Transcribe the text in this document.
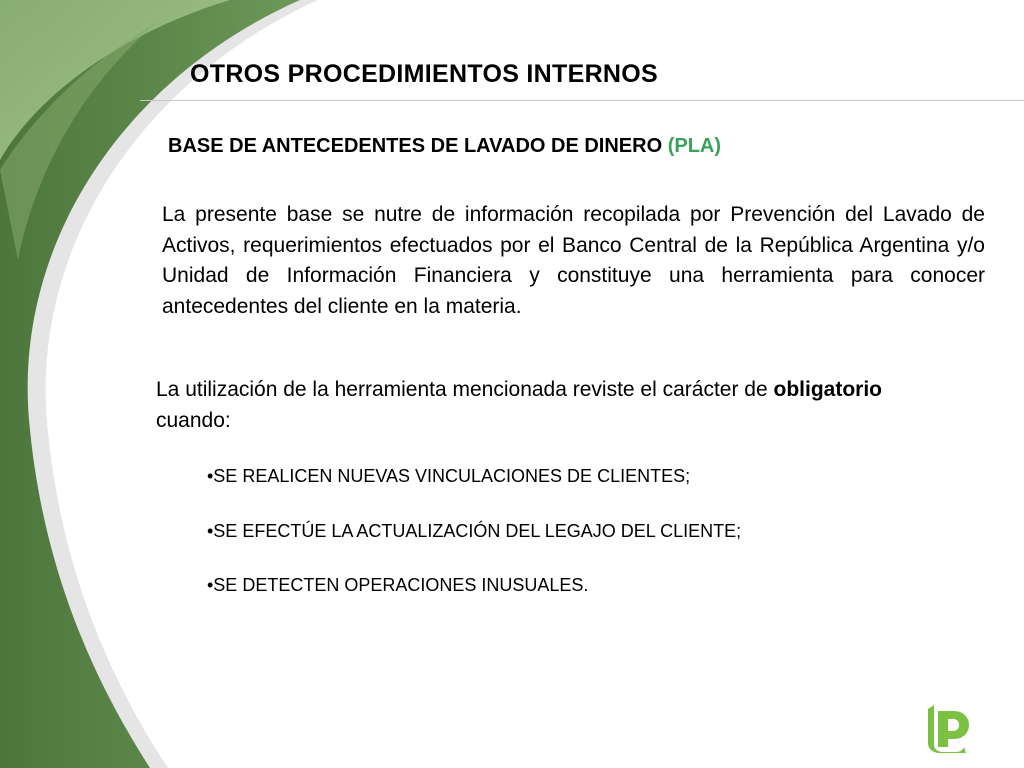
OTROS PROCEDIMIENTOS INTERNOS
BASE DE ANTECEDENTES DE LAVADO DE DINERO (PLA)

La presente base se nutre de información recopilada por Prevención del Lavado de Activos, requerimientos efectuados por el Banco Central de la República Argentina y/o Unidad de Información Financiera y constituye una herramienta para conocer antecedentes del cliente en la materia.

La utilización de la herramienta mencionada reviste el carácter de obligatorio cuando:

•SE REALICEN NUEVAS VINCULACIONES DE CLIENTES;
•SE EFECTÚE LA ACTUALIZACIÓN DEL LEGAJO DEL CLIENTE;
•SE DETECTEN OPERACIONES INUSUALES.
